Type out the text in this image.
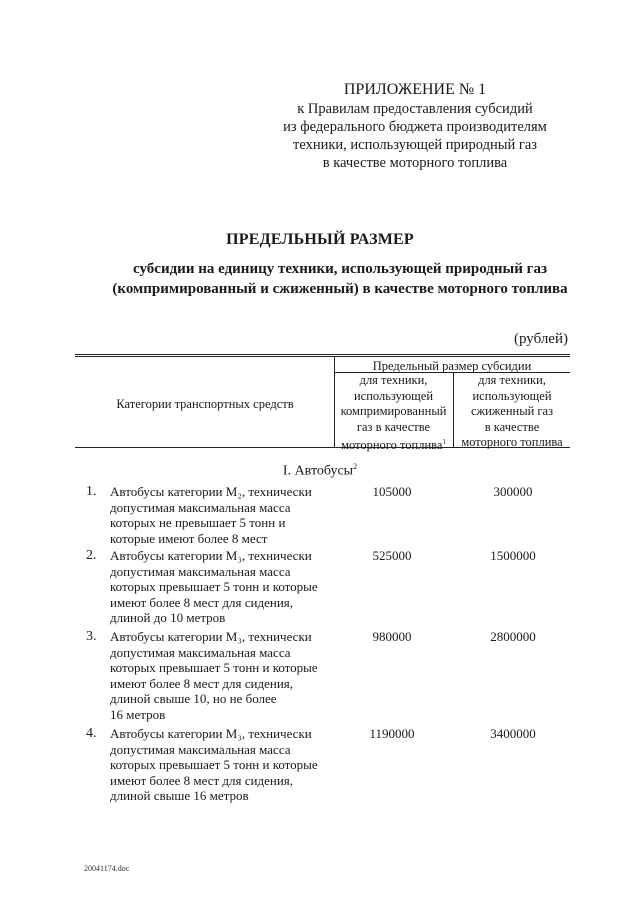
ПРИЛОЖЕНИЕ № 1
к Правилам предоставления субсидий
из федерального бюджета производителям
техники, использующей природный газ
в качестве моторного топлива
ПРЕДЕЛЬНЫЙ РАЗМЕР
субсидии на единицу техники, использующей природный газ
(компримированный и сжиженный) в качестве моторного топлива
(рублей)
Категории транспортных средств
Предельный размер субсидии
для техники,
использующей
компримированный
газ в качестве
моторного топлива$^1$
для техники,
использующей
сжиженный газ
в качестве
моторного топлива
I. Автобусы$^2$
1. Автобусы категории M₂, технически
допустимая максимальная масса
которых не превышает 5 тонн и
которые имеют более 8 мест
105000	300000
2. Автобусы категории M₃, технически
допустимая максимальная масса
которых превышает 5 тонн и которые
имеют более 8 мест для сидения,
длиной до 10 метров
525000	1500000
3. Автобусы категории M₃, технически
допустимая максимальная масса
которых превышает 5 тонн и которые
имеют более 8 мест для сидения,
длиной свыше 10, но не более
16 метров
980000	2800000
4. Автобусы категории M₃, технически
допустимая максимальная масса
которых превышает 5 тонн и которые
имеют более 8 мест для сидения,
длиной свыше 16 метров
1190000	3400000
20041174.doc
